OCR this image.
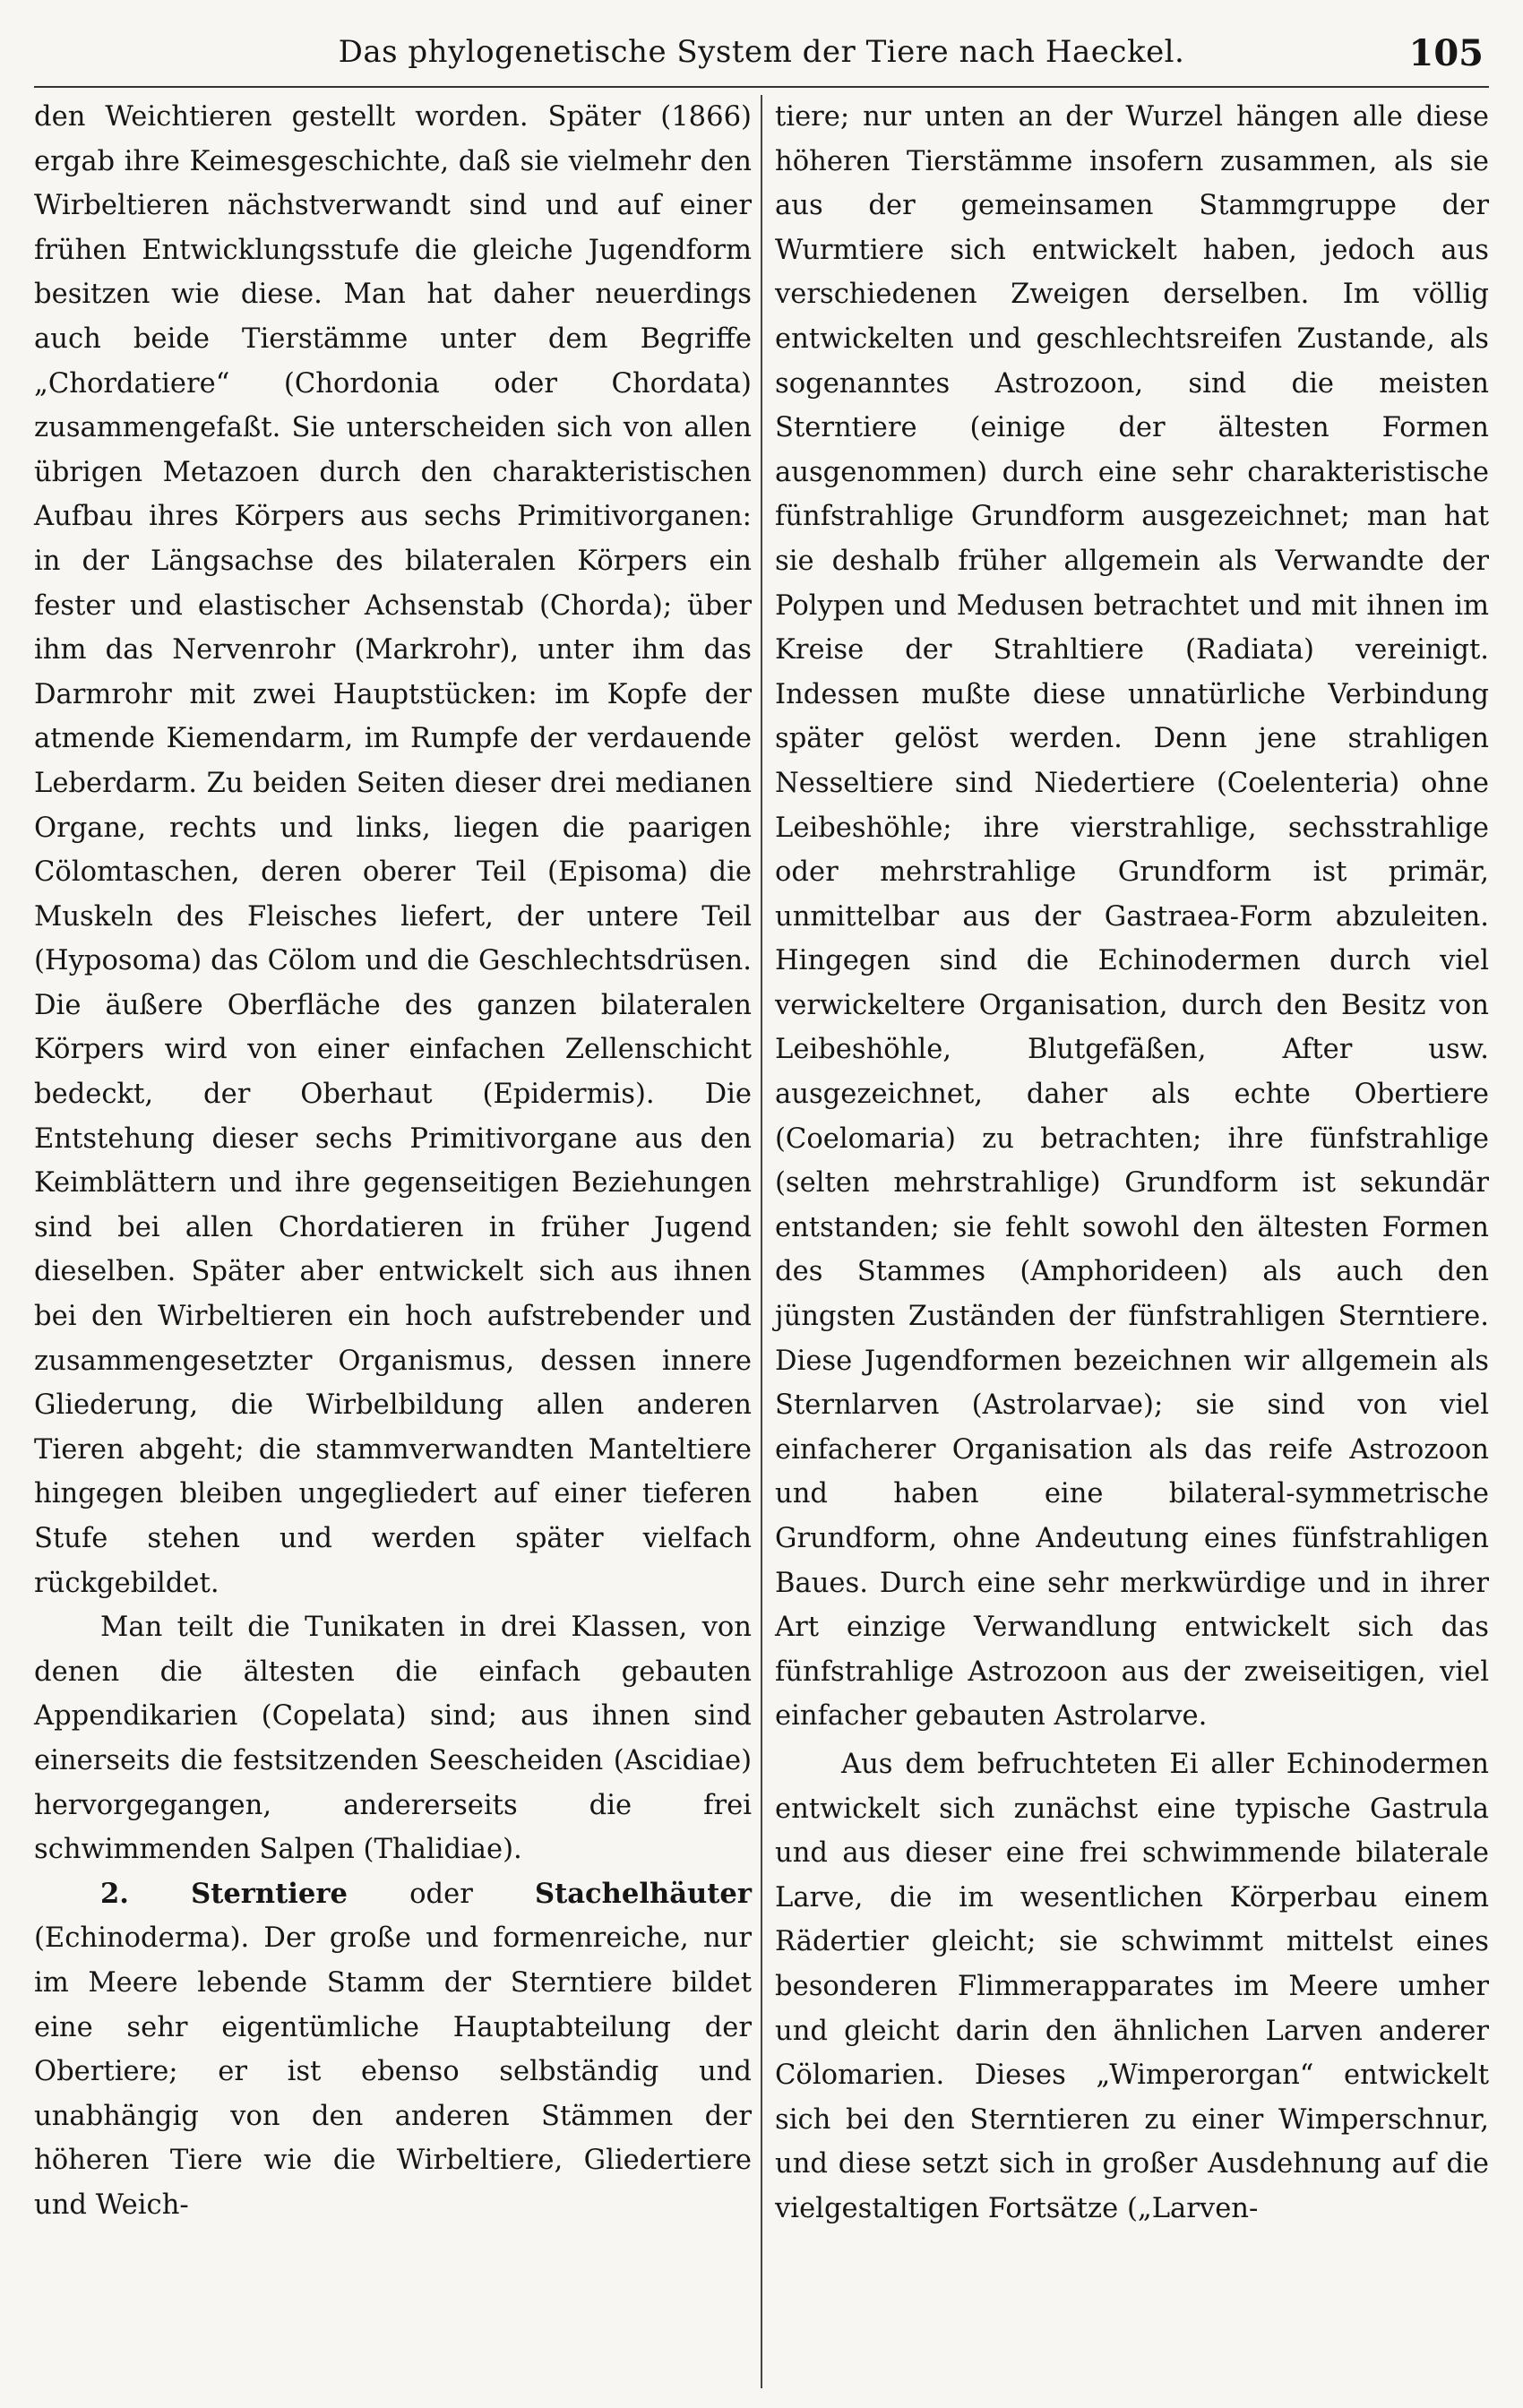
Das phylogenetische System der Tiere nach Haeckel.	105

den Weichtieren gestellt worden. Später (1866) ergab ihre Keimesgeschichte, daß sie vielmehr den Wirbeltieren nächstverwandt sind und auf einer frühen Entwicklungsstufe die gleiche Jugendform besitzen wie diese. Man hat daher neuerdings auch beide Tierstämme unter dem Begriffe „Chordatiere“ (Chordonia oder Chordata) zusammengefaßt. Sie unterscheiden sich von allen übrigen Metazoen durch den charakteristischen Aufbau ihres Körpers aus sechs Primitivorganen: in der Längsachse des bilateralen Körpers ein fester und elastischer Achsenstab (Chorda); über ihm das Nervenrohr (Markrohr), unter ihm das Darmrohr mit zwei Hauptstücken: im Kopfe der atmende Kiemendarm, im Rumpfe der verdauende Leberdarm. Zu beiden Seiten dieser drei medianen Organe, rechts und links, liegen die paarigen Cölomtaschen, deren oberer Teil (Episoma) die Muskeln des Fleisches liefert, der untere Teil (Hyposoma) das Cölom und die Geschlechtsdrüsen. Die äußere Oberfläche des ganzen bilateralen Körpers wird von einer einfachen Zellenschicht bedeckt, der Oberhaut (Epidermis). Die Entstehung dieser sechs Primitivorgane aus den Keimblättern und ihre gegenseitigen Beziehungen sind bei allen Chordatieren in früher Jugend dieselben. Später aber entwickelt sich aus ihnen bei den Wirbeltieren ein hoch aufstrebender und zusammengesetzter Organismus, dessen innere Gliederung, die Wirbelbildung allen anderen Tieren abgeht; die stammverwandten Manteltiere hingegen bleiben ungegliedert auf einer tieferen Stufe stehen und werden später vielfach rückgebildet.

Man teilt die Tunikaten in drei Klassen, von denen die ältesten die einfach gebauten Appendikarien (Copelata) sind; aus ihnen sind einerseits die festsitzenden Seescheiden (Ascidiae) hervorgegangen, andererseits die frei schwimmenden Salpen (Thalidiae).

2. Sterntiere oder Stachelhäuter (Echinoderma). Der große und formenreiche, nur im Meere lebende Stamm der Sterntiere bildet eine sehr eigentümliche Hauptabteilung der Obertiere; er ist ebenso selbständig und unabhängig von den anderen Stämmen der höheren Tiere wie die Wirbeltiere, Gliedertiere und Weich-

tiere; nur unten an der Wurzel hängen alle diese höheren Tierstämme insofern zusammen, als sie aus der gemeinsamen Stammgruppe der Wurmtiere sich entwickelt haben, jedoch aus verschiedenen Zweigen derselben. Im völlig entwickelten und geschlechtsreifen Zustande, als sogenanntes Astrozoon, sind die meisten Sterntiere (einige der ältesten Formen ausgenommen) durch eine sehr charakteristische fünfstrahlige Grundform ausgezeichnet; man hat sie deshalb früher allgemein als Verwandte der Polypen und Medusen betrachtet und mit ihnen im Kreise der Strahltiere (Radiata) vereinigt. Indessen mußte diese unnatürliche Verbindung später gelöst werden. Denn jene strahligen Nesseltiere sind Niedertiere (Coelenteria) ohne Leibeshöhle; ihre vierstrahlige, sechsstrahlige oder mehrstrahlige Grundform ist primär, unmittelbar aus der Gastraea-Form abzuleiten. Hingegen sind die Echinodermen durch viel verwickeltere Organisation, durch den Besitz von Leibeshöhle, Blutgefäßen, After usw. ausgezeichnet, daher als echte Obertiere (Coelomaria) zu betrachten; ihre fünfstrahlige (selten mehrstrahlige) Grundform ist sekundär entstanden; sie fehlt sowohl den ältesten Formen des Stammes (Amphorideen) als auch den jüngsten Zuständen der fünfstrahligen Sterntiere. Diese Jugendformen bezeichnen wir allgemein als Sternlarven (Astrolarvae); sie sind von viel einfacherer Organisation als das reife Astrozoon und haben eine bilateral-symmetrische Grundform, ohne Andeutung eines fünfstrahligen Baues. Durch eine sehr merkwürdige und in ihrer Art einzige Verwandlung entwickelt sich das fünfstrahlige Astrozoon aus der zweiseitigen, viel einfacher gebauten Astrolarve.

Aus dem befruchteten Ei aller Echinodermen entwickelt sich zunächst eine typische Gastrula und aus dieser eine frei schwimmende bilaterale Larve, die im wesentlichen Körperbau einem Rädertier gleicht; sie schwimmt mittelst eines besonderen Flimmerapparates im Meere umher und gleicht darin den ähnlichen Larven anderer Cölomarien. Dieses „Wimperorgan“ entwickelt sich bei den Sterntieren zu einer Wimperschnur, und diese setzt sich in großer Ausdehnung auf die vielgestaltigen Fortsätze („Larven-
